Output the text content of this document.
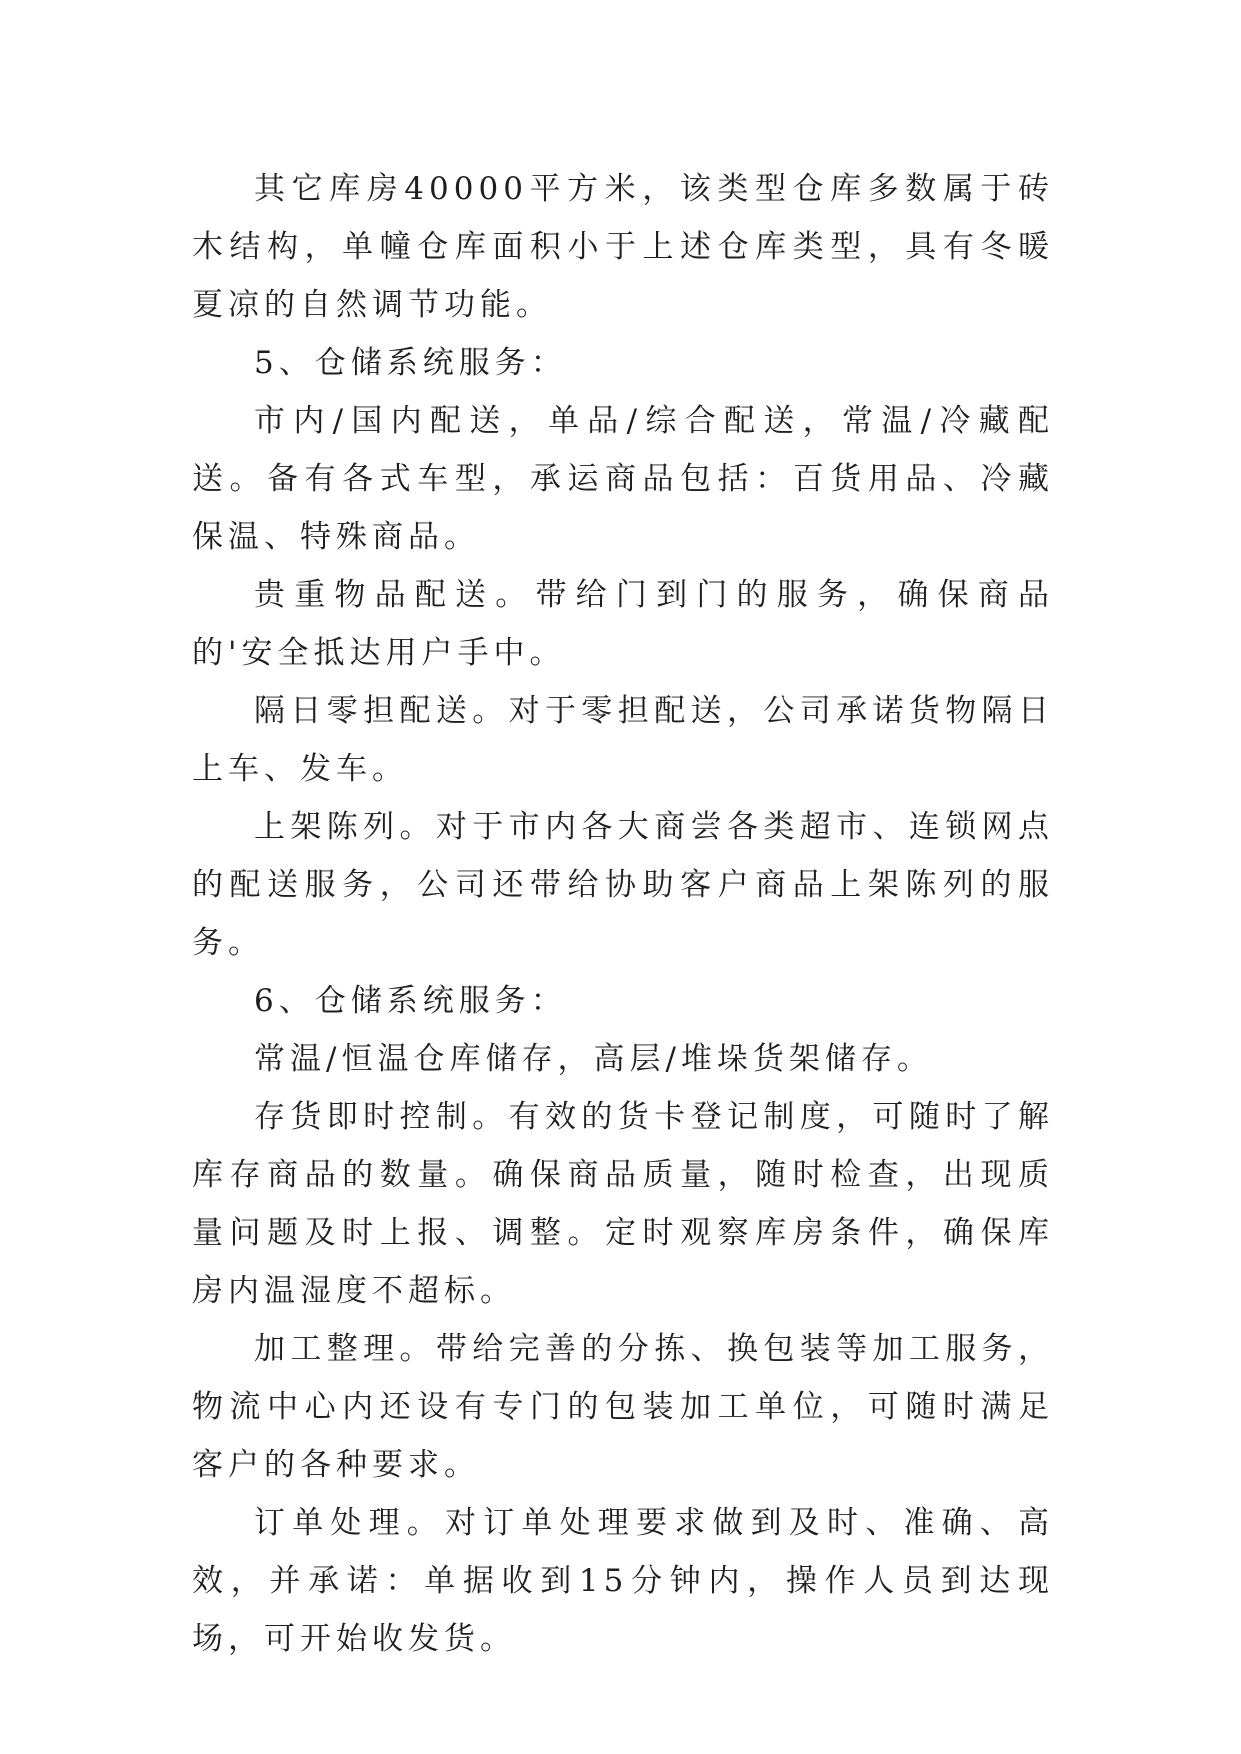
其它库房40000平方米，该类型仓库多数属于砖木结构，单幢仓库面积小于上述仓库类型，具有冬暖夏凉的自然调节功能。

5、仓储系统服务：

市内/国内配送，单品/综合配送，常温/冷藏配送。备有各式车型，承运商品包括：百货用品、冷藏保温、特殊商品。

贵重物品配送。带给门到门的服务，确保商品的'安全抵达用户手中。

隔日零担配送。对于零担配送，公司承诺货物隔日上车、发车。

上架陈列。对于市内各大商尝各类超市、连锁网点的配送服务，公司还带给协助客户商品上架陈列的服务。

6、仓储系统服务：

常温/恒温仓库储存，高层/堆垛货架储存。

存货即时控制。有效的货卡登记制度，可随时了解库存商品的数量。确保商品质量，随时检查，出现质量问题及时上报、调整。定时观察库房条件，确保库房内温湿度不超标。

加工整理。带给完善的分拣、换包装等加工服务，物流中心内还设有专门的包装加工单位，可随时满足客户的各种要求。

订单处理。对订单处理要求做到及时、准确、高效，并承诺：单据收到15分钟内，操作人员到达现场，可开始收发货。
